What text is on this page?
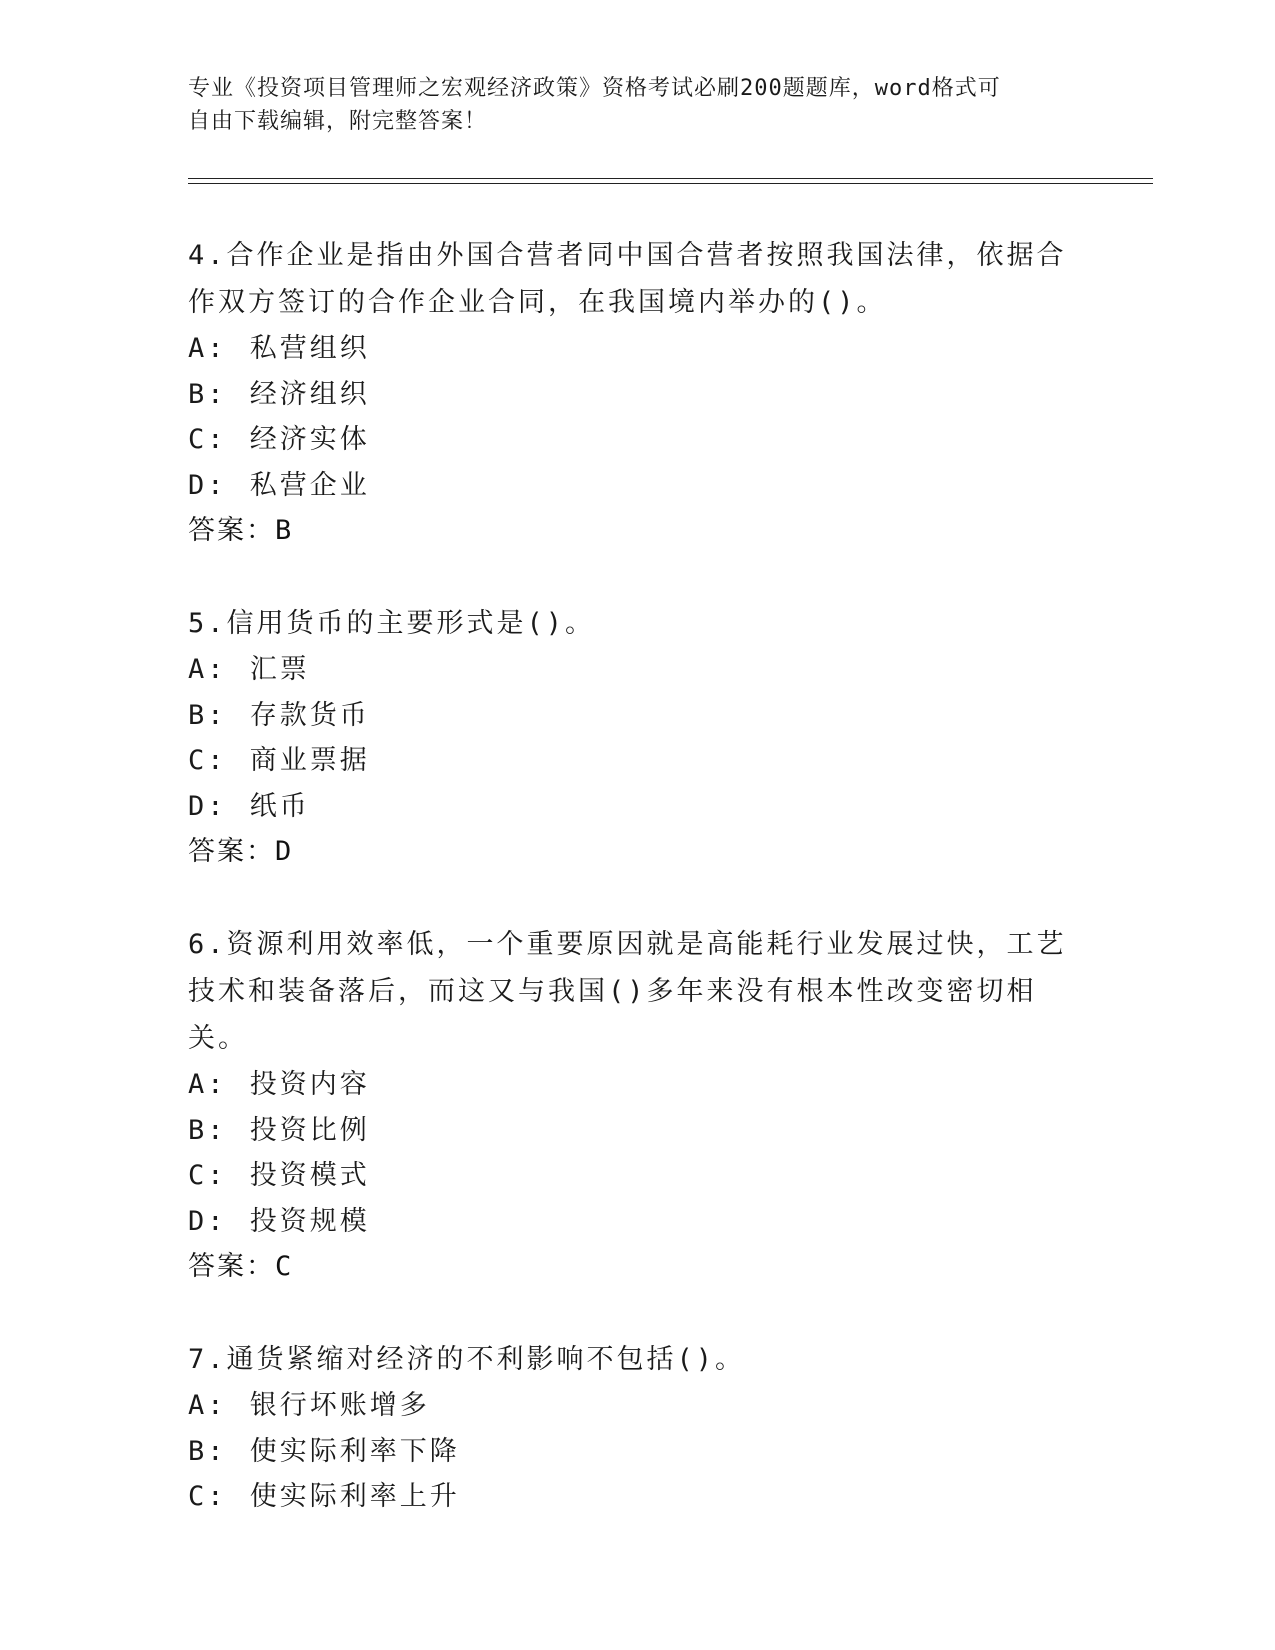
专业《投资项目管理师之宏观经济政策》资格考试必刷200题题库，word格式可
自由下载编辑，附完整答案！

4.合作企业是指由外国合营者同中国合营者按照我国法律，依据合作双方签订的合作企业合同，在我国境内举办的()。

A: 私营组织

B: 经济组织

C: 经济实体

D: 私营企业

答案：B

5.信用货币的主要形式是()。

A: 汇票

B: 存款货币

C: 商业票据

D: 纸币

答案：D

6.资源利用效率低，一个重要原因就是高能耗行业发展过快，工艺技术和装备落后，而这又与我国()多年来没有根本性改变密切相关。

A: 投资内容

B: 投资比例

C: 投资模式

D: 投资规模

答案：C

7.通货紧缩对经济的不利影响不包括()。

A: 银行坏账增多

B: 使实际利率下降

C: 使实际利率上升
